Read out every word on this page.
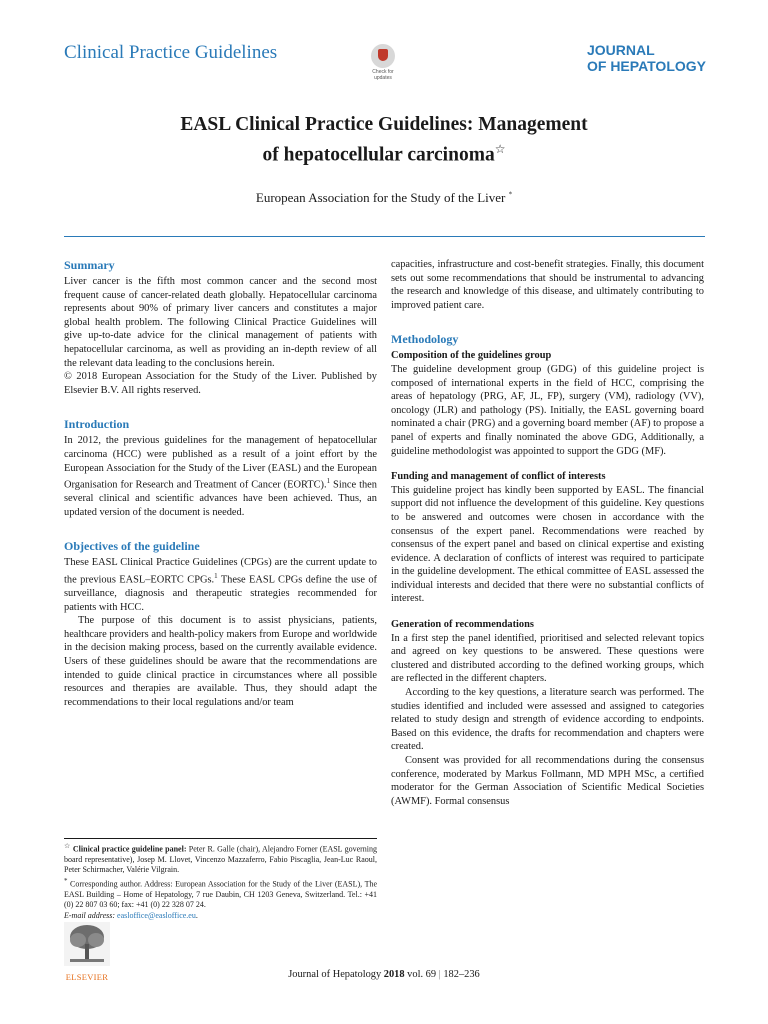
Clinical Practice Guidelines
Check for
updates
JOURNAL
OF HEPATOLOGY
EASL Clinical Practice Guidelines: Management
of hepatocellular carcinoma☆
European Association for the Study of the Liver *
Summary

Liver cancer is the fifth most common cancer and the second most frequent cause of cancer-related death globally. Hepatocellular carcinoma represents about 90% of primary liver cancers and constitutes a major global health problem. The following Clinical Practice Guidelines will give up-to-date advice for the clinical management of patients with hepatocellular carcinoma, as well as providing an in-depth review of all the relevant data leading to the conclusions herein.

© 2018 European Association for the Study of the Liver. Published by Elsevier B.V. All rights reserved.

Introduction

In 2012, the previous guidelines for the management of hepatocellular carcinoma (HCC) were published as a result of a joint effort by the European Association for the Study of the Liver (EASL) and the European Organisation for Research and Treatment of Cancer (EORTC).$^1$ Since then several clinical and scientific advances have been achieved. Thus, an updated version of the document is needed.

Objectives of the guideline

These EASL Clinical Practice Guidelines (CPGs) are the current update to the previous EASL–EORTC CPGs.$^1$ These EASL CPGs define the use of surveillance, diagnosis and therapeutic strategies recommended for patients with HCC.

The purpose of this document is to assist physicians, patients, healthcare providers and health-policy makers from Europe and worldwide in the decision making process, based on the currently available evidence. Users of these guidelines should be aware that the recommendations are intended to guide clinical practice in circumstances where all possible resources and therapies are available. Thus, they should adapt the recommendations to their local regulations and/or team

capacities, infrastructure and cost-benefit strategies. Finally, this document sets out some recommendations that should be instrumental to advancing the research and knowledge of this disease, and ultimately contributing to improved patient care.

Methodology
Composition of the guidelines group

The guideline development group (GDG) of this guideline project is composed of international experts in the field of HCC, comprising the areas of hepatology (PRG, AF, JL, FP), surgery (VM), radiology (VV), oncology (JLR) and pathology (PS). Initially, the EASL governing board nominated a chair (PRG) and a governing board member (AF) to propose a panel of experts and finally nominated the above GDG, Additionally, a guideline methodologist was appointed to support the GDG (MF).

Funding and management of conflict of interests

This guideline project has kindly been supported by EASL. The financial support did not influence the development of this guideline. Key questions to be answered and outcomes were chosen in accordance with the consensus of the expert panel. Recommendations were reached by consensus of the expert panel and based on clinical expertise and existing evidence. A declaration of conflicts of interest was required to participate in the guideline development. The ethical committee of EASL assessed the individual interests and decided that there were no substantial conflicts of interest.

Generation of recommendations

In a first step the panel identified, prioritised and selected relevant topics and agreed on key questions to be answered. These questions were clustered and distributed according to the defined working groups, which are reflected in the different chapters.

According to the key questions, a literature search was performed. The studies identified and included were assessed and assigned to categories related to study design and strength of evidence according to endpoints. Based on this evidence, the drafts for recommendation and chapters were created.

Consent was provided for all recommendations during the consensus conference, moderated by Markus Follmann, MD MPH MSc, a certified moderator for the German Association of Scientific Medical Societies (AWMF). Formal consensus

☆ Clinical practice guideline panel: Peter R. Galle (chair), Alejandro Forner (EASL governing board representative), Josep M. Llovet, Vincenzo Mazzaferro, Fabio Piscaglia, Jean-Luc Raoul, Peter Schirmacher, Valérie Vilgrain.

* Corresponding author. Address: European Association for the Study of the Liver (EASL), The EASL Building – Home of Hepatology, 7 rue Daubin, CH 1203 Geneva, Switzerland. Tel.: +41 (0) 22 807 03 60; fax: +41 (0) 22 328 07 24.

E-mail address: easloffice@easloffice.eu.

ELSEVIER	Journal of Hepatology 2018 vol. 69 | 182–236
